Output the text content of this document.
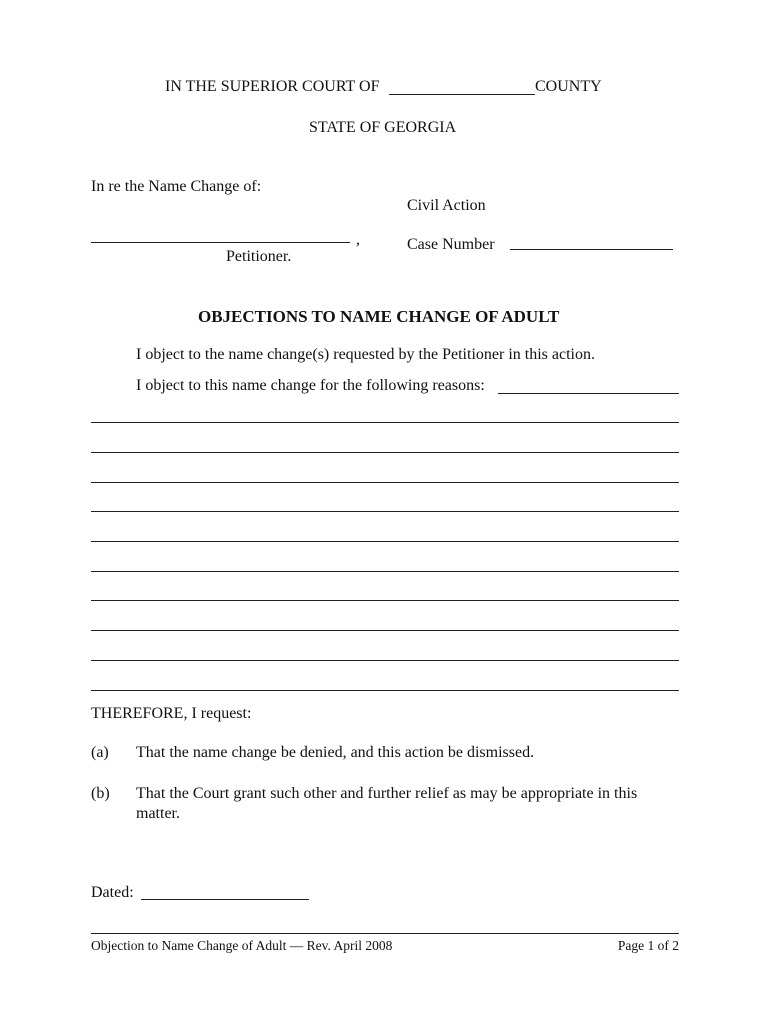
IN THE SUPERIOR COURT OF	COUNTY
STATE OF GEORGIA
In re the Name Change of:
Civil Action
,	Case Number
Petitioner.
OBJECTIONS TO NAME CHANGE OF ADULT
I object to the name change(s) requested by the Petitioner in this action.
I object to this name change for the following reasons:
THEREFORE, I request:
(a) That the name change be denied, and this action be dismissed.
(b) That the Court grant such other and further relief as may be appropriate in this
matter.
Dated:
Objection to Name Change of Adult — Rev. April 2008	Page 1 of 2
